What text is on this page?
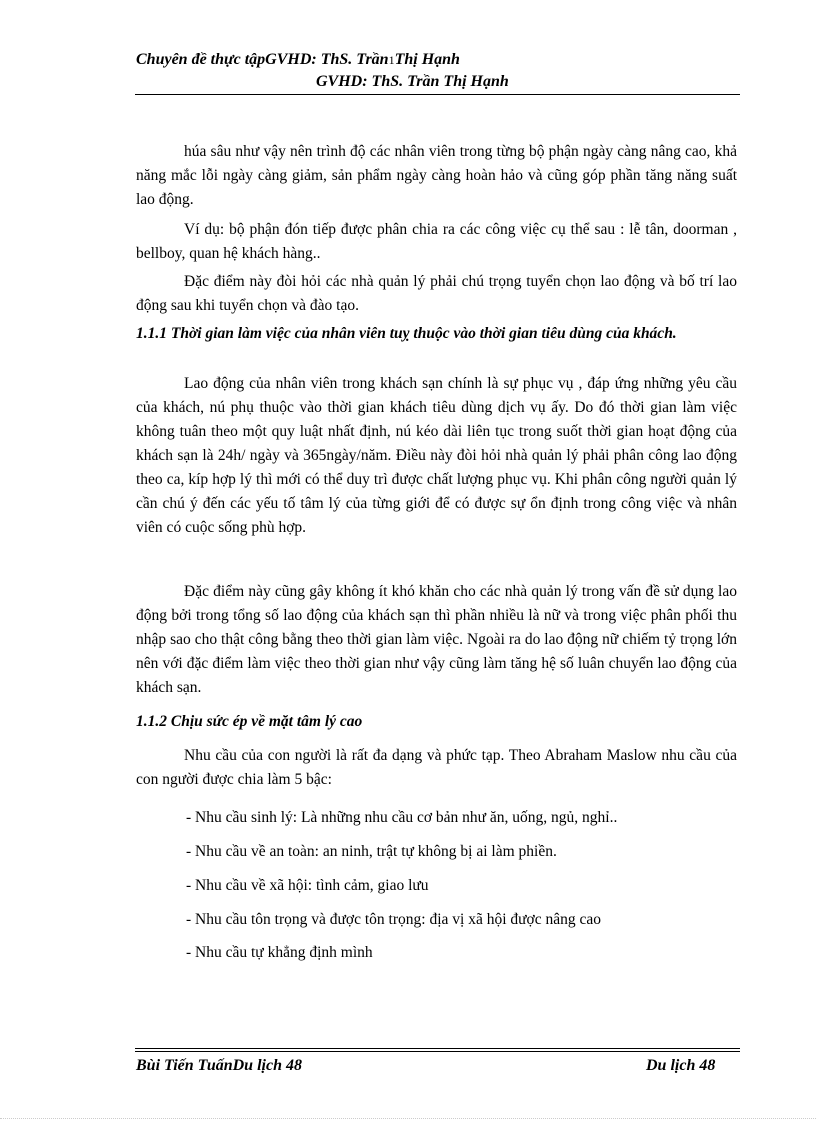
Chuyên đề thực tậpGVHD: ThS. Trần$^1$Thị Hạnh
GVHD: ThS. Trần Thị Hạnh
húa sâu như vậy nên trình độ các nhân viên trong từng bộ phận ngày càng nâng cao, khả năng mắc lỗi ngày càng giảm, sản phẩm ngày càng hoàn hảo và cũng góp phần tăng năng suất lao động.
Ví dụ: bộ phận đón tiếp được phân chia ra các công việc cụ thể sau : lễ tân, doorman , bellboy, quan hệ khách hàng..
Đặc điểm này đòi hỏi các nhà quản lý phải chú trọng tuyển chọn lao động và bố trí lao động sau khi tuyển chọn và đào tạo.
1.1.1 Thời gian làm việc của nhân viên tuỵ thuộc vào thời gian tiêu dùng của khách.
Lao động của nhân viên trong khách sạn chính là sự phục vụ , đáp ứng những yêu cầu của khách, nú phụ thuộc vào thời gian khách tiêu dùng dịch vụ ấy. Do đó thời gian làm việc không tuân theo một quy luật nhất định, nú kéo dài liên tục trong suốt thời gian hoạt động của khách sạn là 24h/ ngày và 365ngày/năm. Điều này đòi hỏi nhà quản lý phải phân công lao động theo ca, kíp hợp lý thì mới có thể duy trì được chất lượng phục vụ. Khi phân công người quản lý cần chú ý đến các yếu tố tâm lý của từng giới để có được sự ổn định trong công việc và nhân viên có cuộc sống phù hợp.
Đặc điểm này cũng gây không ít khó khăn cho các nhà quản lý trong vấn đề sử dụng lao động bởi trong tổng số lao động của khách sạn thì phần nhiều là nữ và trong việc phân phối thu nhập sao cho thật công bằng theo thời gian làm việc. Ngoài ra do lao động nữ chiếm tỷ trọng lớn nên với đặc điểm làm việc theo thời gian như vậy cũng làm tăng hệ số luân chuyển lao động của khách sạn.
1.1.2 Chịu sức ép về mặt tâm lý cao
Nhu cầu của con người là rất đa dạng và phức tạp. Theo Abraham Maslow nhu cầu của con người được chia làm 5 bậc:
- Nhu cầu sinh lý: Là những nhu cầu cơ bản như ăn, uống, ngủ, nghỉ..
- Nhu cầu về an toàn: an ninh, trật tự không bị ai làm phiền.
- Nhu cầu về xã hội: tình cảm, giao lưu
- Nhu cầu tôn trọng và được tôn trọng: địa vị xã hội được nâng cao
- Nhu cầu tự khẳng định mình
Bùi Tiến TuấnDu lịch 48	Du lịch 48
